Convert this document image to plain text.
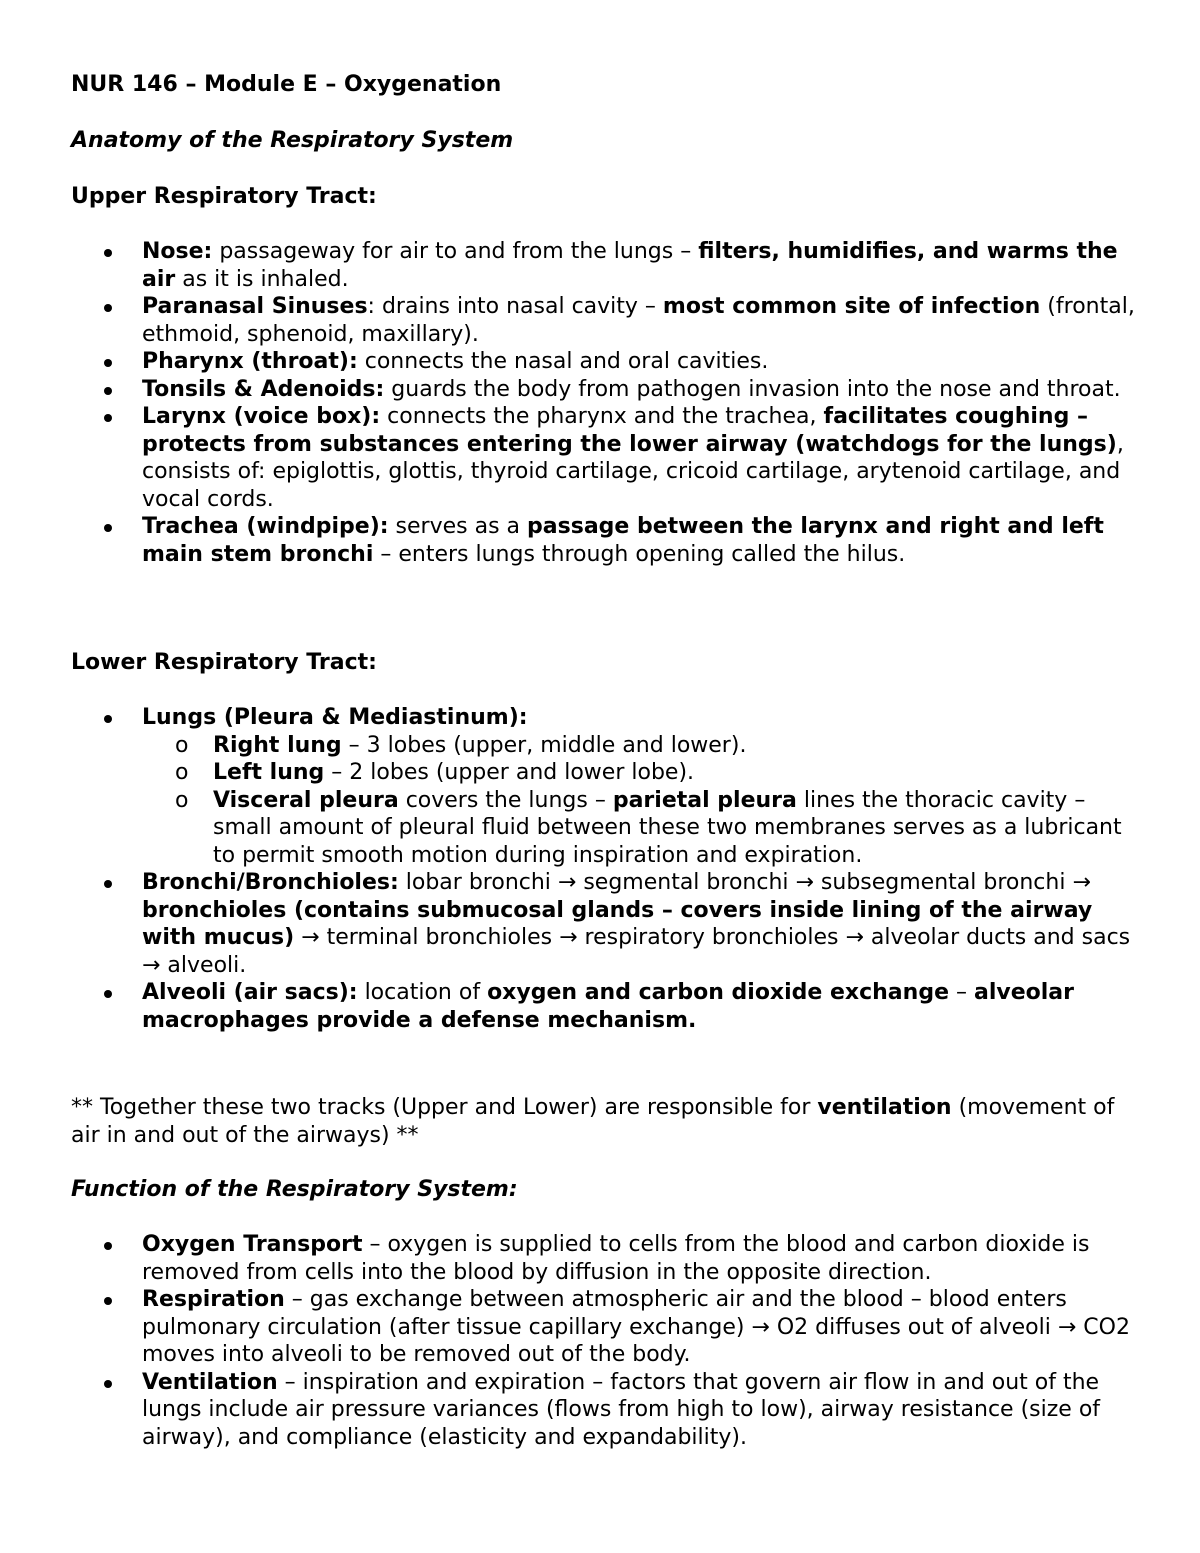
NUR 146 – Module E – Oxygenation
Anatomy of the Respiratory System
Upper Respiratory Tract:
Nose: passageway for air to and from the lungs – filters, humidifies, and warms the air as it is inhaled.
Paranasal Sinuses: drains into nasal cavity – most common site of infection (frontal, ethmoid, sphenoid, maxillary).
Pharynx (throat): connects the nasal and oral cavities.
Tonsils & Adenoids: guards the body from pathogen invasion into the nose and throat.
Larynx (voice box): connects the pharynx and the trachea, facilitates coughing – protects from substances entering the lower airway (watchdogs for the lungs), consists of: epiglottis, glottis, thyroid cartilage, cricoid cartilage, arytenoid cartilage, and vocal cords.
Trachea (windpipe): serves as a passage between the larynx and right and left main stem bronchi – enters lungs through opening called the hilus.
Lower Respiratory Tract:
Lungs (Pleura & Mediastinum):
o Right lung – 3 lobes (upper, middle and lower).
o Left lung – 2 lobes (upper and lower lobe).
o Visceral pleura covers the lungs – parietal pleura lines the thoracic cavity – small amount of pleural fluid between these two membranes serves as a lubricant to permit smooth motion during inspiration and expiration.
Bronchi/Bronchioles: lobar bronchi → segmental bronchi → subsegmental bronchi → bronchioles (contains submucosal glands – covers inside lining of the airway with mucus) → terminal bronchioles → respiratory bronchioles → alveolar ducts and sacs → alveoli.
Alveoli (air sacs): location of oxygen and carbon dioxide exchange – alveolar macrophages provide a defense mechanism.
** Together these two tracks (Upper and Lower) are responsible for ventilation (movement of air in and out of the airways) **
Function of the Respiratory System:
Oxygen Transport – oxygen is supplied to cells from the blood and carbon dioxide is removed from cells into the blood by diffusion in the opposite direction.
Respiration – gas exchange between atmospheric air and the blood – blood enters pulmonary circulation (after tissue capillary exchange) → O2 diffuses out of alveoli → CO2 moves into alveoli to be removed out of the body.
Ventilation – inspiration and expiration – factors that govern air flow in and out of the lungs include air pressure variances (flows from high to low), airway resistance (size of airway), and compliance (elasticity and expandability).
